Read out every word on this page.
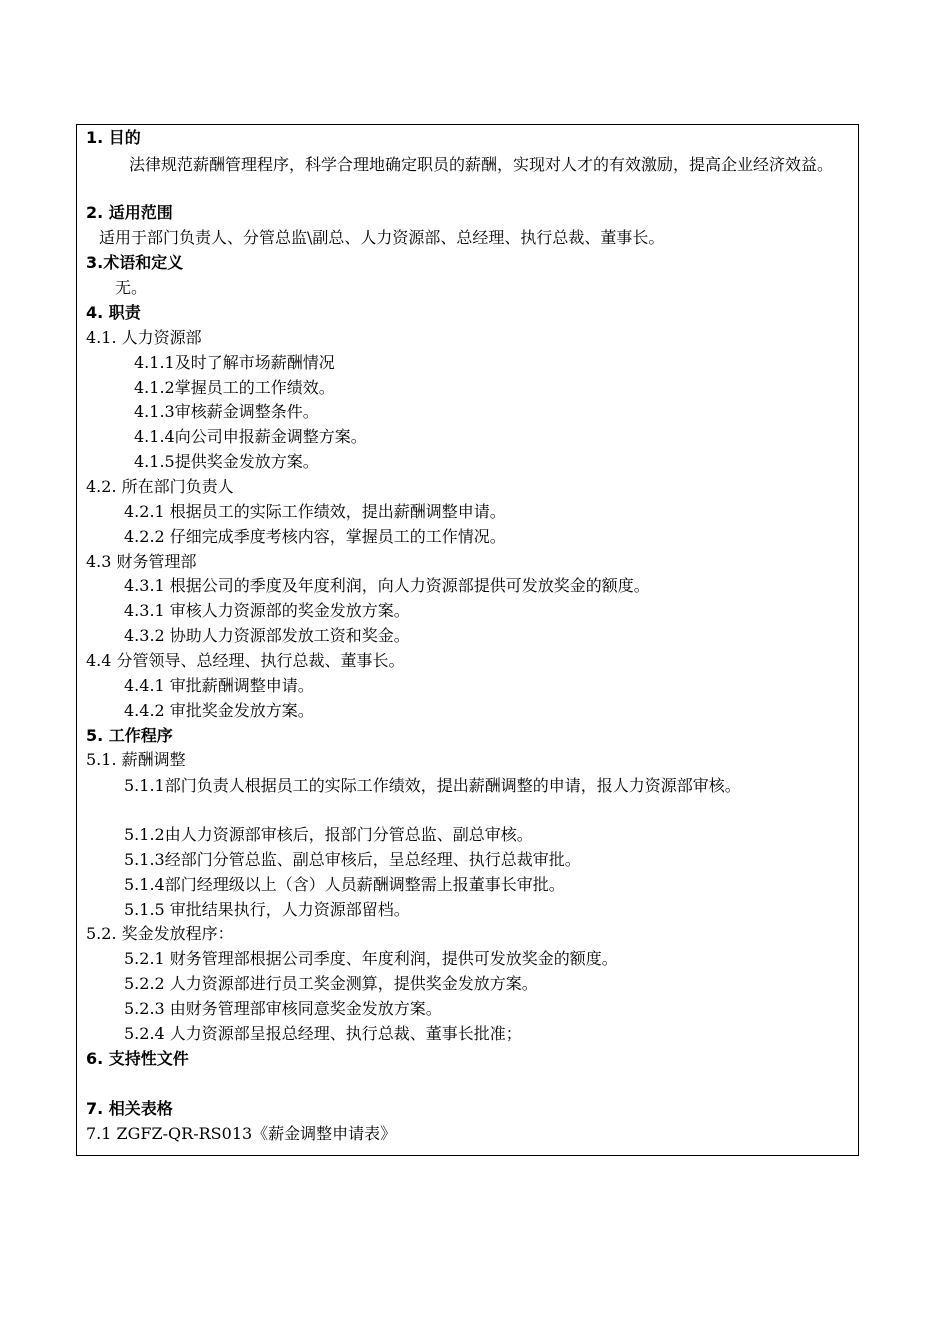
1. 目的
法律规范薪酬管理程序，科学合理地确定职员的薪酬，实现对人才的有效激励，提高企业经济效益。
2. 适用范围
适用于部门负责人、分管总监\副总、人力资源部、总经理、执行总裁、董事长。
3.术语和定义
无。
4. 职责
4.1. 人力资源部
4.1.1及时了解市场薪酬情况
4.1.2掌握员工的工作绩效。
4.1.3审核薪金调整条件。
4.1.4向公司申报薪金调整方案。
4.1.5提供奖金发放方案。
4.2. 所在部门负责人
4.2.1 根据员工的实际工作绩效，提出薪酬调整申请。
4.2.2 仔细完成季度考核内容，掌握员工的工作情况。
4.3 财务管理部
4.3.1 根据公司的季度及年度利润，向人力资源部提供可发放奖金的额度。
4.3.1 审核人力资源部的奖金发放方案。
4.3.2 协助人力资源部发放工资和奖金。
4.4 分管领导、总经理、执行总裁、董事长。
4.4.1 审批薪酬调整申请。
4.4.2 审批奖金发放方案。
5. 工作程序
5.1. 薪酬调整
5.1.1部门负责人根据员工的实际工作绩效，提出薪酬调整的申请，报人力资源部审核。
5.1.2由人力资源部审核后，报部门分管总监、副总审核。
5.1.3经部门分管总监、副总审核后，呈总经理、执行总裁审批。
5.1.4部门经理级以上（含）人员薪酬调整需上报董事长审批。
5.1.5 审批结果执行，人力资源部留档。
5.2. 奖金发放程序：
5.2.1 财务管理部根据公司季度、年度利润，提供可发放奖金的额度。
5.2.2 人力资源部进行员工奖金测算，提供奖金发放方案。
5.2.3 由财务管理部审核同意奖金发放方案。
5.2.4 人力资源部呈报总经理、执行总裁、董事长批准；
6. 支持性文件
7. 相关表格
7.1 ZGFZ-QR-RS013《薪金调整申请表》
